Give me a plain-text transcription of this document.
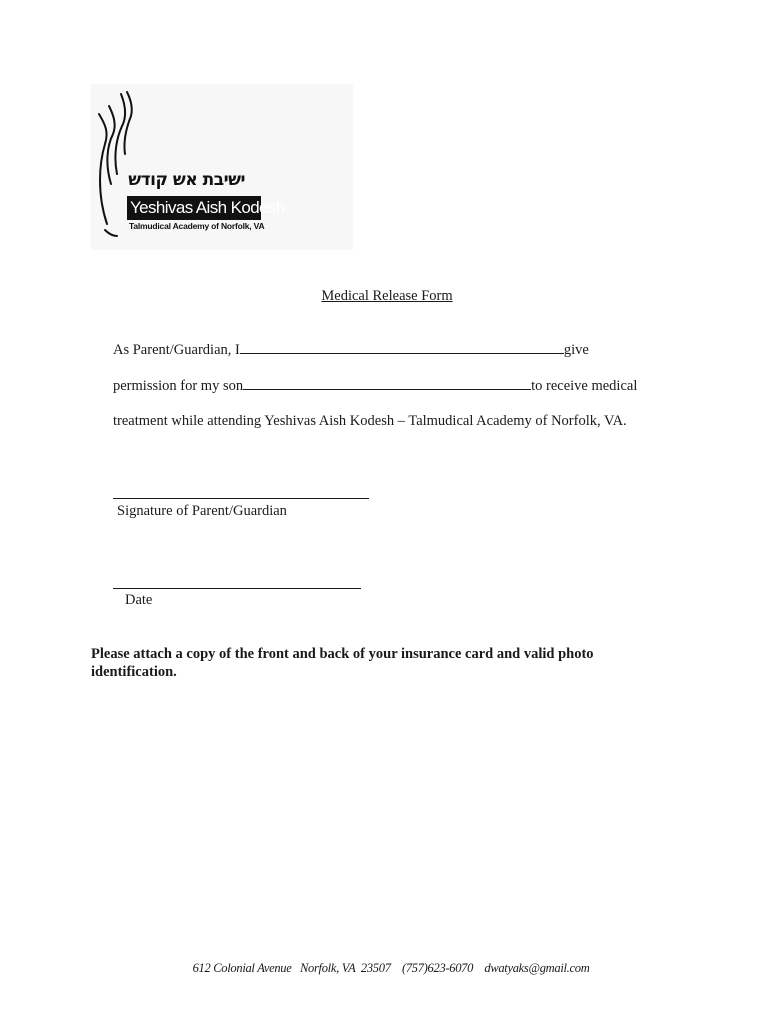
ישיבת אש קודש
Yeshivas Aish Kodesh
Talmudical Academy of Norfolk, VA
Medical Release Form
As Parent/Guardian, I	give
permission for my son	to receive medical
treatment while attending Yeshivas Aish Kodesh – Talmudical Academy of Norfolk, VA.
Signature of Parent/Guardian
Date
Please attach a copy of the front and back of your insurance card and valid photo identification.
612 Colonial Avenue Norfolk, VA  23507 (757)623-6070 dwatyaks@gmail.com
